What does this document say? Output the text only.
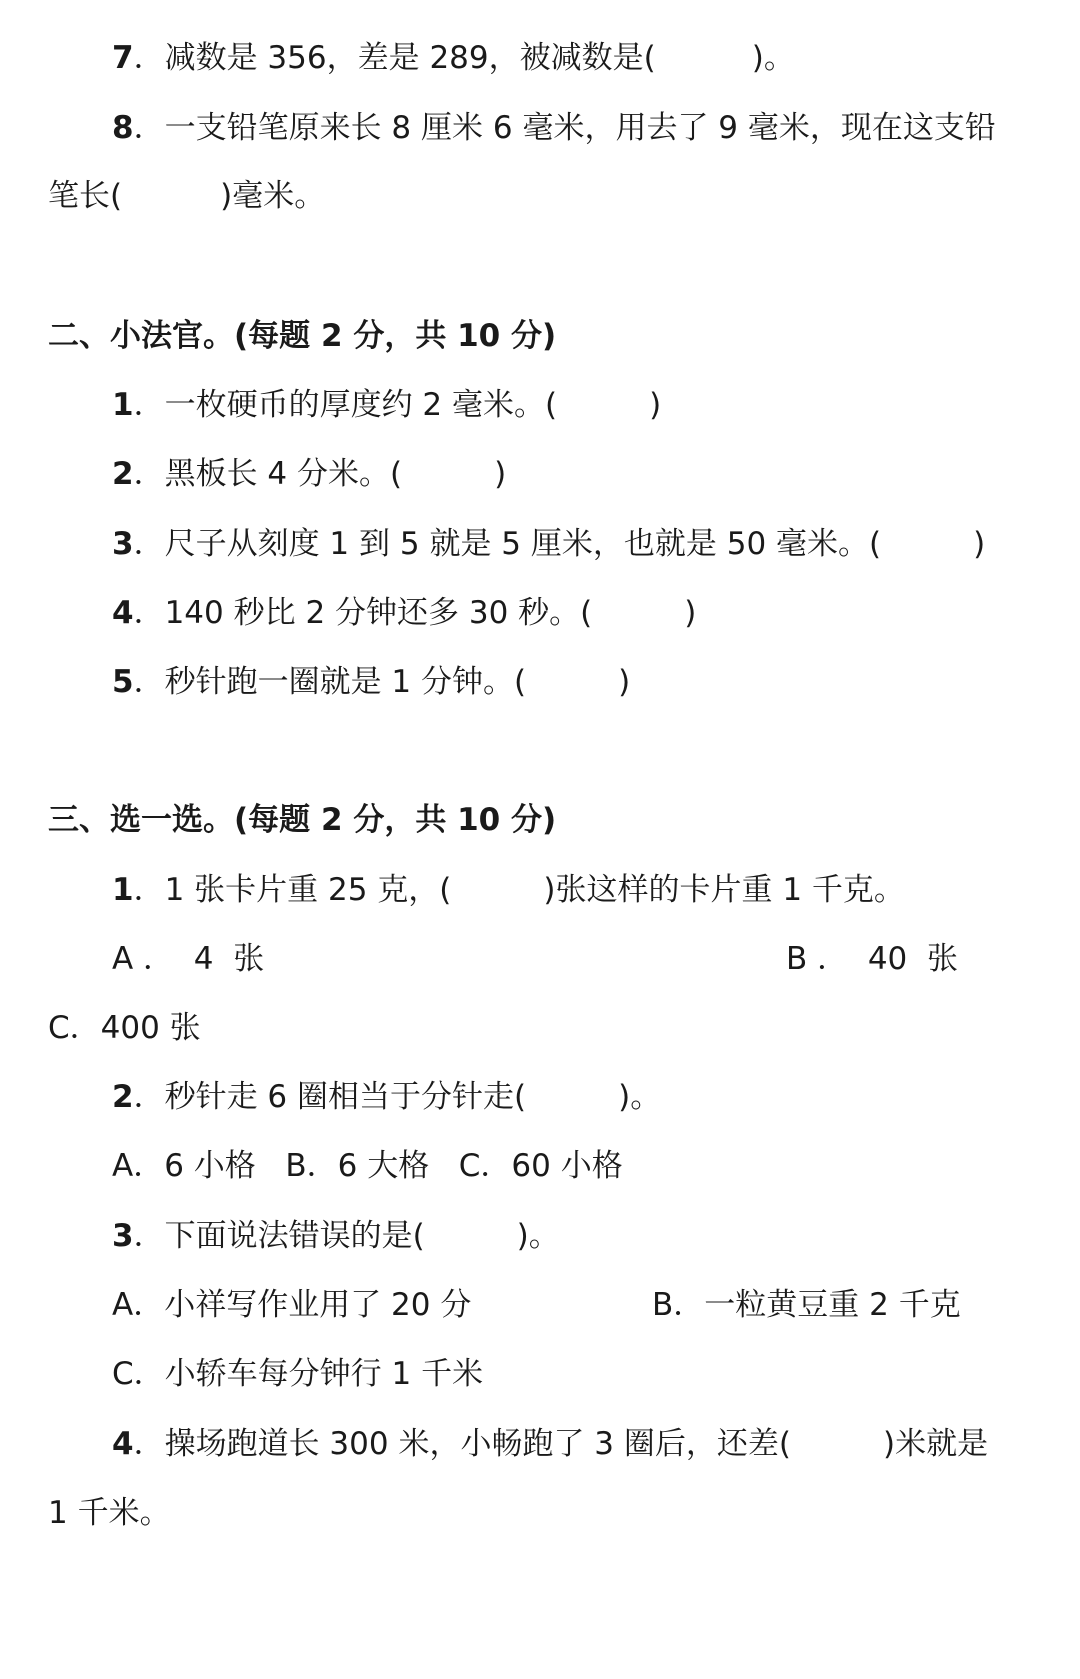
7．减数是 356，差是 289，被减数是(	)。
8．一支铅笔原来长 8 厘米 6 毫米，用去了 9 毫米，现在这支铅
笔长(	)毫米。
二、小法官。(每题 2 分，共 10 分)
1．一枚硬币的厚度约 2 毫米。(	)
2．黑板长 4 分米。(	)
3．尺子从刻度 1 到 5 就是 5 厘米，也就是 50 毫米。(	)
4．140 秒比 2 分钟还多 30 秒。(	)
5．秒针跑一圈就是 1 分钟。(	)
三、选一选。(每题 2 分，共 10 分)
1．1 张卡片重 25 克，(	)张这样的卡片重 1 千克。
A ．  4  张	B ．  40  张
C．400 张
2．秒针走 6 圈相当于分针走(	)。
A．6 小格   B．6 大格   C．60 小格
3．下面说法错误的是(	)。
A．小祥写作业用了 20 分	B．一粒黄豆重 2 千克
C．小轿车每分钟行 1 千米
4．操场跑道长 300 米，小畅跑了 3 圈后，还差(	)米就是
1 千米。
